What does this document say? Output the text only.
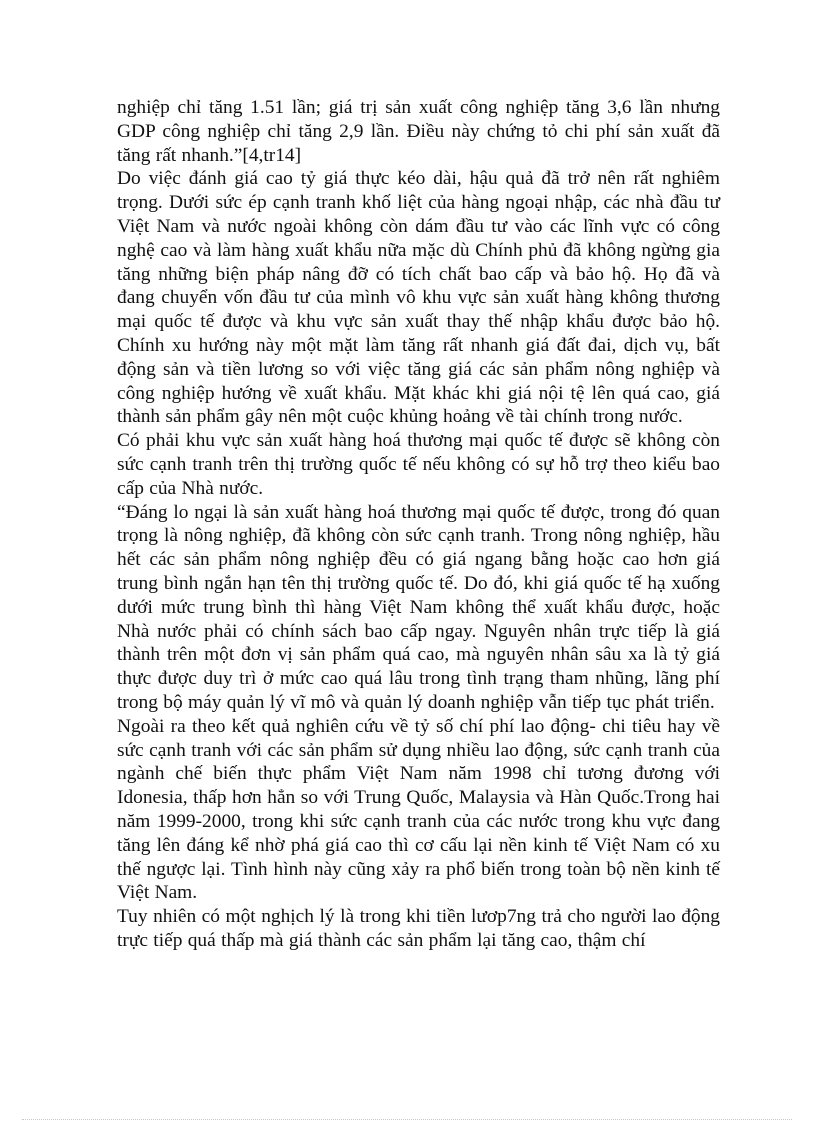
nghiệp chỉ tăng 1.51 lần; giá trị sản xuất công nghiệp tăng 3,6 lần nhưng GDP công nghiệp chỉ tăng 2,9 lần. Điều này chứng tỏ chi phí sản xuất đã tăng rất nhanh.”[4,tr14]

Do việc đánh giá cao tỷ giá thực kéo dài, hậu quả đã trở nên rất nghiêm trọng. Dưới sức ép cạnh tranh khố liệt của hàng ngoại nhập, các nhà đầu tư Việt Nam và nước ngoài không còn dám đầu tư vào các lĩnh vực có công nghệ cao và làm hàng xuất khẩu nữa mặc dù Chính phủ đã không ngừng gia tăng những biện pháp nâng đỡ có tích chất bao cấp và bảo hộ. Họ đã và đang chuyển vốn đầu tư của mình vô khu vực sản xuất hàng không thương mại quốc tế được và khu vực sản xuất thay thế nhập khẩu được bảo hộ. Chính xu hướng này một mặt làm tăng rất nhanh giá đất đai, dịch vụ, bất động sản và tiền lương so với việc tăng giá các sản phẩm nông nghiệp và công nghiệp hướng về xuất khẩu. Mặt khác khi giá nội tệ lên quá cao, giá thành sản phẩm gây nên một cuộc khủng hoảng về tài chính trong nước.

Có phải khu vực sản xuất hàng hoá thương mại quốc tế được sẽ không còn sức cạnh tranh trên thị trường quốc tế nếu không có sự hỗ trợ theo kiểu bao cấp của Nhà nước.

“Đáng lo ngại là sản xuất hàng hoá thương mại quốc tế được, trong đó quan trọng là nông nghiệp, đã không còn sức cạnh tranh. Trong nông nghiệp, hầu hết các sản phẩm nông nghiệp đều có giá ngang bằng hoặc cao hơn giá trung bình ngắn hạn tên thị trường quốc tế. Do đó, khi giá quốc tế hạ xuống dưới mức trung bình thì hàng Việt Nam không thể xuất khẩu được, hoặc Nhà nước phải có chính sách bao cấp ngay. Nguyên nhân trực tiếp là giá thành trên một đơn vị sản phẩm quá cao, mà nguyên nhân sâu xa là tỷ giá thực được duy trì ở mức cao quá lâu trong tình trạng tham nhũng, lãng phí trong bộ máy quản lý vĩ mô và quản lý doanh nghiệp vẫn tiếp tục phát triển.

Ngoài ra theo kết quả nghiên cứu về tỷ số chí phí lao động- chi tiêu hay về sức cạnh tranh với các sản phẩm sử dụng nhiều lao động, sức cạnh tranh của ngành chế biến thực phẩm Việt Nam năm 1998 chỉ tương đương với Idonesia, thấp hơn hẳn so với Trung Quốc, Malaysia và Hàn Quốc.Trong hai năm 1999-2000, trong khi sức cạnh tranh của các nước trong khu vực đang tăng lên đáng kể nhờ phá giá cao thì cơ cấu lại nền kinh tế Việt Nam có xu thế ngược lại. Tình hình này cũng xảy ra phổ biến trong toàn bộ nền kinh tế Việt Nam.

Tuy nhiên có một nghịch lý là trong khi tiền lươp7ng trả cho người lao động trực tiếp quá thấp mà giá thành các sản phẩm lại tăng cao, thậm chí
